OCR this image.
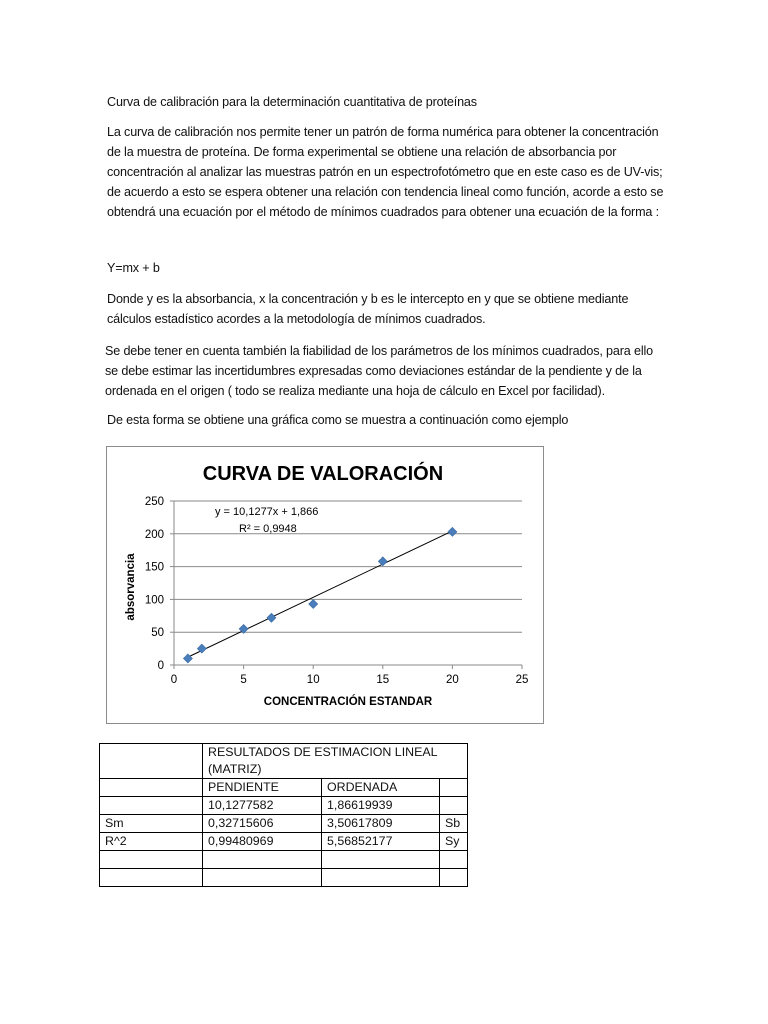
Curva de calibración para la determinación cuantitativa de proteínas

La curva de calibración nos permite tener un patrón de forma numérica para obtener la concentración de la muestra de proteína. De forma experimental se obtiene una relación de absorbancia por concentración al analizar las muestras patrón en un espectrofotómetro que en este caso es de UV-vis; de acuerdo a esto se espera obtener una relación con tendencia lineal como función, acorde a esto se obtendrá una ecuación por el método de mínimos cuadrados para obtener una ecuación de la forma :

Y=mx + b

Donde y es la absorbancia, x la concentración y b es le intercepto en y que se obtiene mediante cálculos estadístico acordes a la metodología de mínimos cuadrados.

Se debe tener en cuenta también la fiabilidad de los parámetros de los mínimos cuadrados, para ello se debe estimar las incertidumbres expresadas como deviaciones estándar de la pendiente y de la ordenada en el origen ( todo se realiza mediante una hoja de cálculo en Excel por facilidad).

De esta forma se obtiene una gráfica como se muestra a continuación como ejemplo

CURVA DE VALORACIÓN
0
50
100
150
200
250
0	5	10	15	20	25
y = 10,1277x + 1,866
R² = 0,9948
CONCENTRACIÓN ESTANDAR
absorvancia
	RESULTADOS DE ESTIMACION LINEAL (MATRIZ)		

	PENDIENTE	ORDENADA	
	10,1277582	1,86619939	
Sm	0,32715606	3,50617809	Sb
R^2	0,99480969	5,56852177	Sy
